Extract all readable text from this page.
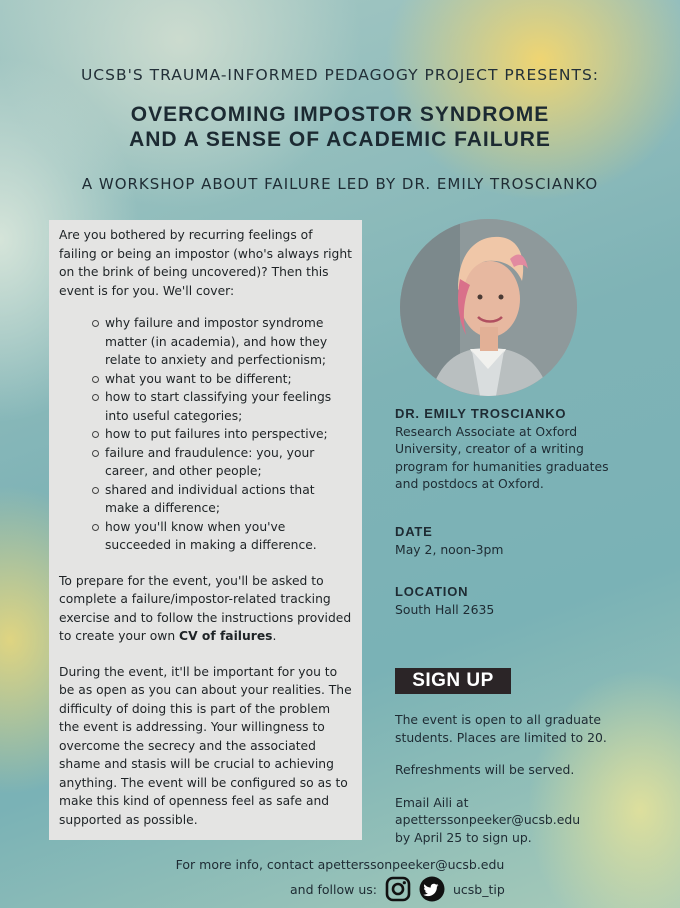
UCSB'S TRAUMA-INFORMED PEDAGOGY PROJECT PRESENTS:
OVERCOMING IMPOSTOR SYNDROME
AND A SENSE OF ACADEMIC FAILURE
A WORKSHOP ABOUT FAILURE LED BY DR. EMILY TROSCIANKO

Are you bothered by recurring feelings of failing or being an impostor (who's always right on the brink of being uncovered)? Then this event is for you. We'll cover:

why failure and impostor syndrome matter (in academia), and how they relate to anxiety and perfectionism;
what you want to be different;
how to start classifying your feelings into useful categories;
how to put failures into perspective;
failure and fraudulence: you, your career, and other people;
shared and individual actions that make a difference;
how you'll know when you've succeeded in making a difference.

To prepare for the event, you'll be asked to complete a failure/impostor-related tracking exercise and to follow the instructions provided to create your own CV of failures.

During the event, it'll be important for you to be as open as you can about your realities. The difficulty of doing this is part of the problem the event is addressing. Your willingness to overcome the secrecy and the associated shame and stasis will be crucial to achieving anything. The event will be configured so as to make this kind of openness feel as safe and supported as possible.

DR. EMILY TROSCIANKO
Research Associate at Oxford University, creator of a writing program for humanities graduates and postdocs at Oxford.
DATE
May 2, noon-3pm
LOCATION
South Hall 2635
SIGN UP

The event is open to all graduate students. Places are limited to 20.

Refreshments will be served.

Email Aili at
apetterssonpeeker@ucsb.edu
by April 25 to sign up.
For more info, contact apetterssonpeeker@ucsb.edu
and follow us:	ucsb_tip
